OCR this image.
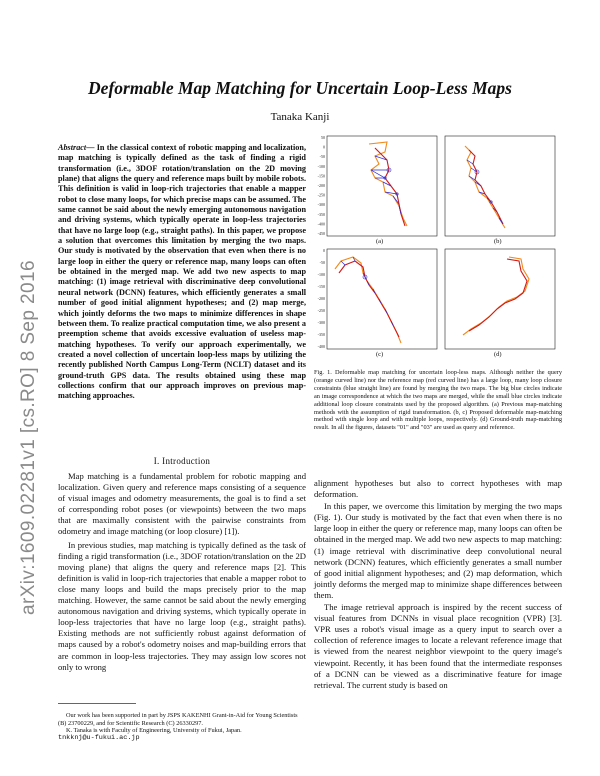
Deformable Map Matching for Uncertain Loop-Less Maps
Tanaka Kanji
arXiv:1609.02281v1 [cs.RO] 8 Sep 2016

Abstract— In the classical context of robotic mapping and localization, map matching is typically defined as the task of finding a rigid transformation (i.e., 3DOF rotation/translation on the 2D moving plane) that aligns the query and reference maps built by mobile robots. This definition is valid in loop-rich trajectories that enable a mapper robot to close many loops, for which precise maps can be assumed. The same cannot be said about the newly emerging autonomous navigation and driving systems, which typically operate in loop-less trajectories that have no large loop (e.g., straight paths). In this paper, we propose a solution that overcomes this limitation by merging the two maps. Our study is motivated by the observation that even when there is no large loop in either the query or reference map, many loops can often be obtained in the merged map. We add two new aspects to map matching: (1) image retrieval with discriminative deep convolutional neural network (DCNN) features, which efficiently generates a small number of good initial alignment hypotheses; and (2) map merge, which jointly deforms the two maps to minimize differences in shape between them. To realize practical computation time, we also present a preemption scheme that avoids excessive evaluation of useless map-matching hypotheses. To verify our approach experimentally, we created a novel collection of uncertain loop-less maps by utilizing the recently published North Campus Long-Term (NCLT) dataset and its ground-truth GPS data. The results obtained using these map collections confirm that our approach improves on previous map-matching approaches.

I. Introduction

Map matching is a fundamental problem for robotic mapping and localization. Given query and reference maps consisting of a sequence of visual images and odometry measurements, the goal is to find a set of corresponding robot poses (or viewpoints) between the two maps that are maximally consistent with the pairwise constraints from odometry and image matching (or loop closure) [1]).

In previous studies, map matching is typically defined as the task of finding a rigid transformation (i.e., 3DOF rotation/translation on the 2D moving plane) that aligns the query and reference maps [2]. This definition is valid in loop-rich trajectories that enable a mapper robot to close many loops and build the maps precisely prior to the map matching. However, the same cannot be said about the newly emerging autonomous navigation and driving systems, which typically operate in loop-less trajectories that have no large loop (e.g., straight paths). Existing methods are not sufficiently robust against deformation of maps caused by a robot's odometry noises and map-building errors that are common in loop-less trajectories. They may assign low scores not only to wrong

Our work has been supported in part by JSPS KAKENHI Grant-in-Aid for Young Scientists (B) 23700229, and for Scientific Research (C) 26330297.

K. Tanaka is with Faculty of Engineering, University of Fukui, Japan.

tnkknj@u-fukui.ac.jp

50
0
-50
-100
-150
-200
-250
-300
-350
-400
-450
(a)	(b)
0
-50
-100
-150
-200
-250
-300
-350
-400
(c)	(d)
Fig. 1. Deformable map matching for uncertain loop-less maps. Although neither the query (orange curved line) nor the reference map (red curved line) has a large loop, many loop closure constraints (blue straight line) are found by merging the two maps. The big blue circles indicate an image correspondence at which the two maps are merged, while the small blue circles indicate additional loop closure constraints used by the proposed algorithm. (a) Previous map-matching methods with the assumption of rigid transformation. (b, c) Proposed deformable map-matching method with single loop and with multiple loops, respectively. (d) Ground-truth map-matching result. In all the figures, datasets "01" and "03" are used as query and reference.

alignment hypotheses but also to correct hypotheses with map deformation.

In this paper, we overcome this limitation by merging the two maps (Fig. 1). Our study is motivated by the fact that even when there is no large loop in either the query or reference map, many loops can often be obtained in the merged map. We add two new aspects to map matching: (1) image retrieval with discriminative deep convolutional neural network (DCNN) features, which efficiently generates a small number of good initial alignment hypotheses; and (2) map deformation, which jointly deforms the merged map to minimize shape differences between them.

The image retrieval approach is inspired by the recent success of visual features from DCNNs in visual place recognition (VPR) [3]. VPR uses a robot's visual image as a query input to search over a collection of reference images to locate a relevant reference image that is viewed from the nearest neighbor viewpoint to the query image's viewpoint. Recently, it has been found that the intermediate responses of a DCNN can be viewed as a discriminative feature for image retrieval. The current study is based on
